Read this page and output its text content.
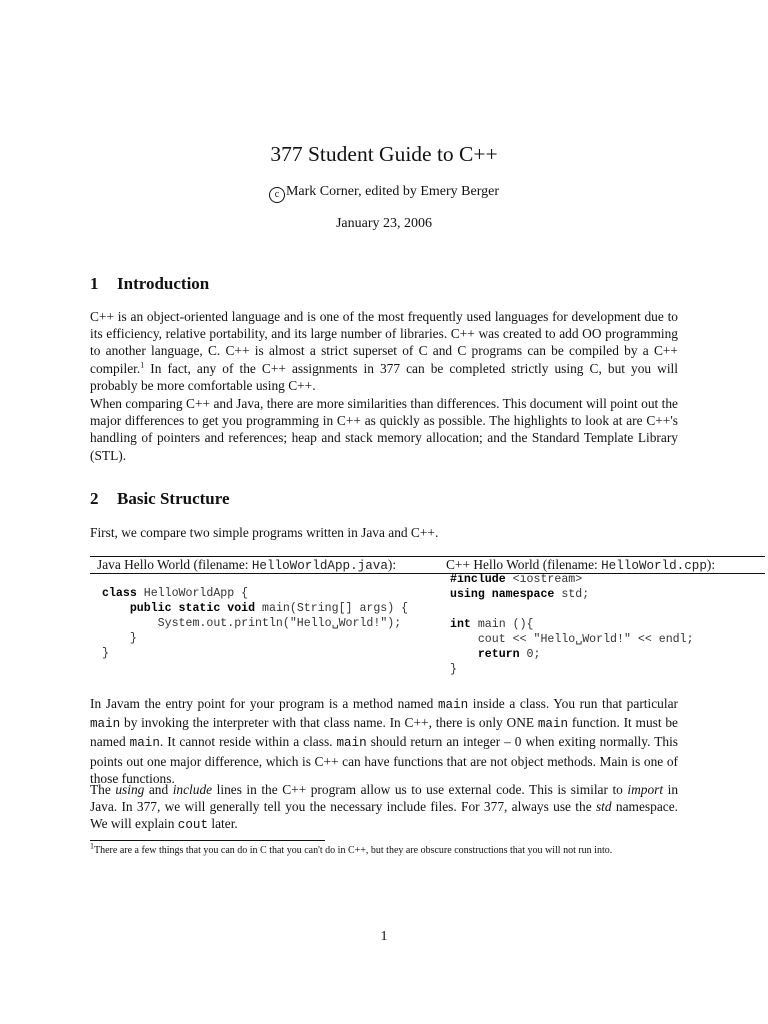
377 Student Guide to C++
c Mark Corner, edited by Emery Berger
January 23, 2006
1 Introduction
C++ is an object-oriented language and is one of the most frequently used languages for development due to its efficiency, relative portability, and its large number of libraries. C++ was created to add OO programming to another language, C. C++ is almost a strict superset of C and C programs can be compiled by a C++ compiler.$^1$ In fact, any of the C++ assignments in 377 can be completed strictly using C, but you will probably be more comfortable using C++.
When comparing C++ and Java, there are more similarities than differences. This document will point out the major differences to get you programming in C++ as quickly as possible. The highlights to look at are C++'s handling of pointers and references; heap and stack memory allocation; and the Standard Template Library (STL).
2 Basic Structure
First, we compare two simple programs written in Java and C++.
Java Hello World (filename: HelloWorldApp.java):	C++ Hello World (filename: HelloWorld.cpp):
class HelloWorldApp {
public static void main(String[] args) {
System.out.println("Hello␣World!");
}
}
#include <iostream>
using namespace std;

int main (){
cout << "Hello␣World!" << endl;
return 0;
}
In Javam the entry point for your program is a method named main inside a class. You run that particular main by invoking the interpreter with that class name. In C++, there is only ONE main function. It must be named main. It cannot reside within a class. main should return an integer – 0 when exiting normally. This points out one major difference, which is C++ can have functions that are not object methods. Main is one of those functions.
The using and include lines in the C++ program allow us to use external code. This is similar to import in Java. In 377, we will generally tell you the necessary include files. For 377, always use the std namespace. We will explain cout later.
$^1$There are a few things that you can do in C that you can't do in C++, but they are obscure constructions that you will not run into.
1
